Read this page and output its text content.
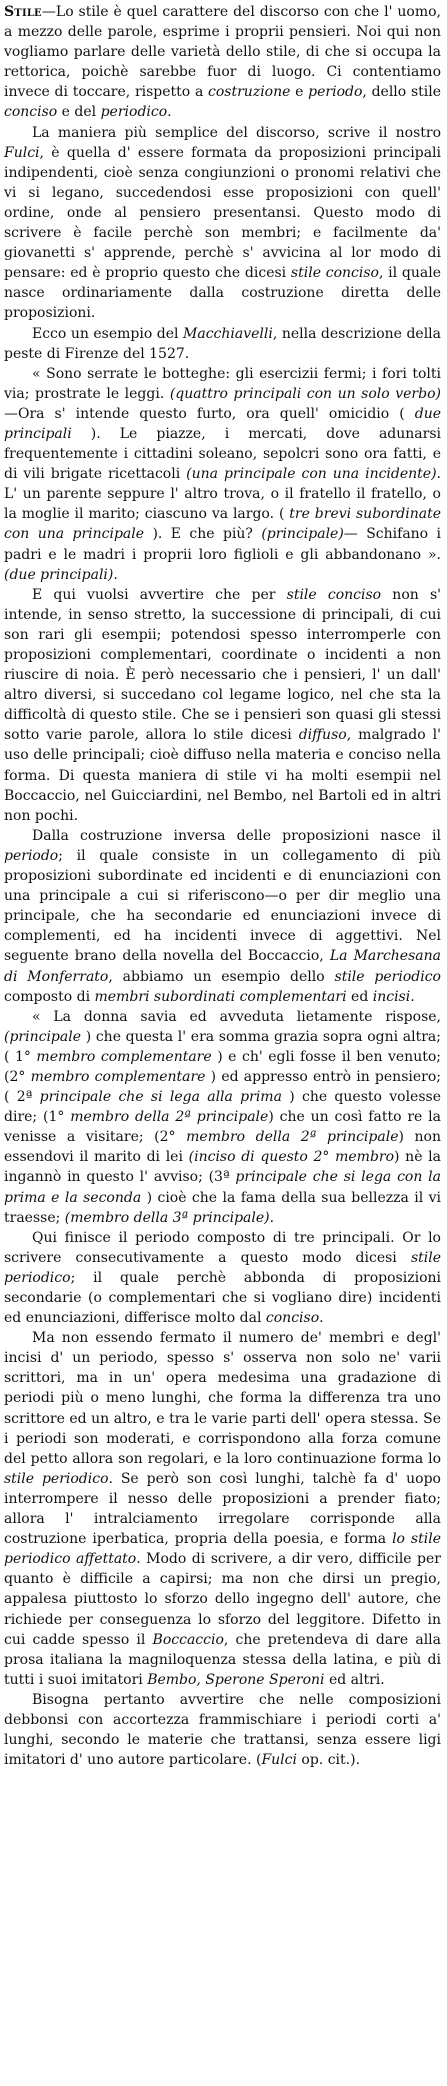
Stile—Lo stile è quel carattere del discorso con che l' uomo, a mezzo delle parole, esprime i proprii pensieri. Noi qui non vogliamo parlare delle varietà dello stile, di che si occupa la rettorica, poichè sarebbe fuor di luogo. Ci contentiamo invece di toccare, rispetto a costruzione e periodo, dello stile conciso e del periodico.

La maniera più semplice del discorso, scrive il nostro Fulci, è quella d' essere formata da proposizioni principali indipendenti, cioè senza congiunzioni o pronomi relativi che vi si legano, succedendosi esse proposizioni con quell' ordine, onde al pensiero presentansi. Questo modo di scrivere è facile perchè son membri; e facilmente da' giovanetti s' apprende, perchè s' avvicina al lor modo di pensare: ed è proprio questo che dicesi stile conciso, il quale nasce ordinariamente dalla costruzione diretta delle proposizioni.

Ecco un esempio del Macchiavelli, nella descrizione della peste di Firenze del 1527.

« Sono serrate le botteghe: gli esercizii fermi; i fori tolti via; prostrate le leggi. (quattro principali con un solo verbo)—Ora s' intende questo furto, ora quell' omicidio ( due principali ). Le piazze, i mercati, dove adunarsi frequentemente i cittadini soleano, sepolcri sono ora fatti, e di vili brigate ricettacoli (una principale con una incidente). L' un parente seppure l' altro trova, o il fratello il fratello, o la moglie il marito; ciascuno va largo. ( tre brevi subordinate con una principale ). E che più? (principale)— Schifano i padri e le madri i proprii loro figlioli e gli abbandonano ». (due principali).

E qui vuolsi avvertire che per stile conciso non s' intende, in senso stretto, la successione di principali, di cui son rari gli esempii; potendosi spesso interromperle con proposizioni complementari, coordinate o incidenti a non riuscire di noia. È però necessario che i pensieri, l' un dall' altro diversi, si succedano col legame logico, nel che sta la difficoltà di questo stile. Che se i pensieri son quasi gli stessi sotto varie parole, allora lo stile dicesi diffuso, malgrado l' uso delle principali; cioè diffuso nella materia e conciso nella forma. Di questa maniera di stile vi ha molti esempii nel Boccaccio, nel Guicciardini, nel Bembo, nel Bartoli ed in altri non pochi.

Dalla costruzione inversa delle proposizioni nasce il periodo; il quale consiste in un collegamento di più proposizioni subordinate ed incidenti e di enunciazioni con una principale a cui si riferiscono—o per dir meglio una principale, che ha secondarie ed enunciazioni invece di complementi, ed ha incidenti invece di aggettivi. Nel seguente brano della novella del Boccaccio, La Marchesana di Monferrato, abbiamo un esempio dello stile periodico composto di membri subordinati complementari ed incisi.

« La donna savia ed avveduta lietamente rispose, (principale ) che questa l' era somma grazia sopra ogni altra; ( 1° membro complementare ) e ch' egli fosse il ben venuto; (2° membro complementare ) ed appresso entrò in pensiero; ( 2ª principale che si lega alla prima ) che questo volesse dire; (1° membro della 2ª principale) che un così fatto re la venisse a visitare; (2° membro della 2ª principale) non essendovi il marito di lei (inciso di questo 2° membro) nè la ingannò in questo l' avviso; (3ª principale che si lega con la prima e la seconda ) cioè che la fama della sua bellezza il vi traesse; (membro della 3ª principale).

Qui finisce il periodo composto di tre principali. Or lo scrivere consecutivamente a questo modo dicesi stile periodico; il quale perchè abbonda di proposizioni secondarie (o complementari che si vogliano dire) incidenti ed enunciazioni, differisce molto dal conciso.

Ma non essendo fermato il numero de' membri e degl' incisi d' un periodo, spesso s' osserva non solo ne' varii scrittori, ma in un' opera medesima una gradazione di periodi più o meno lunghi, che forma la differenza tra uno scrittore ed un altro, e tra le varie parti dell' opera stessa. Se i periodi son moderati, e corrispondono alla forza comune del petto allora son regolari, e la loro continuazione forma lo stile periodico. Se però son così lunghi, talchè fa d' uopo interrompere il nesso delle proposizioni a prender fiato; allora l' intralciamento irregolare corrisponde alla costruzione iperbatica, propria della poesia, e forma lo stile periodico affettato. Modo di scrivere, a dir vero, difficile per quanto è difficile a capirsi; ma non che dirsi un pregio, appalesa piuttosto lo sforzo dello ingegno dell' autore, che richiede per conseguenza lo sforzo del leggitore. Difetto in cui cadde spesso il Boccaccio, che pretendeva di dare alla prosa italiana la magniloquenza stessa della latina, e più di tutti i suoi imitatori Bembo, Sperone Speroni ed altri.

Bisogna pertanto avvertire che nelle composizioni debbonsi con accortezza frammischiare i periodi corti a' lunghi, secondo le materie che trattansi, senza essere ligi imitatori d' uno autore particolare. (Fulci op. cit.).
